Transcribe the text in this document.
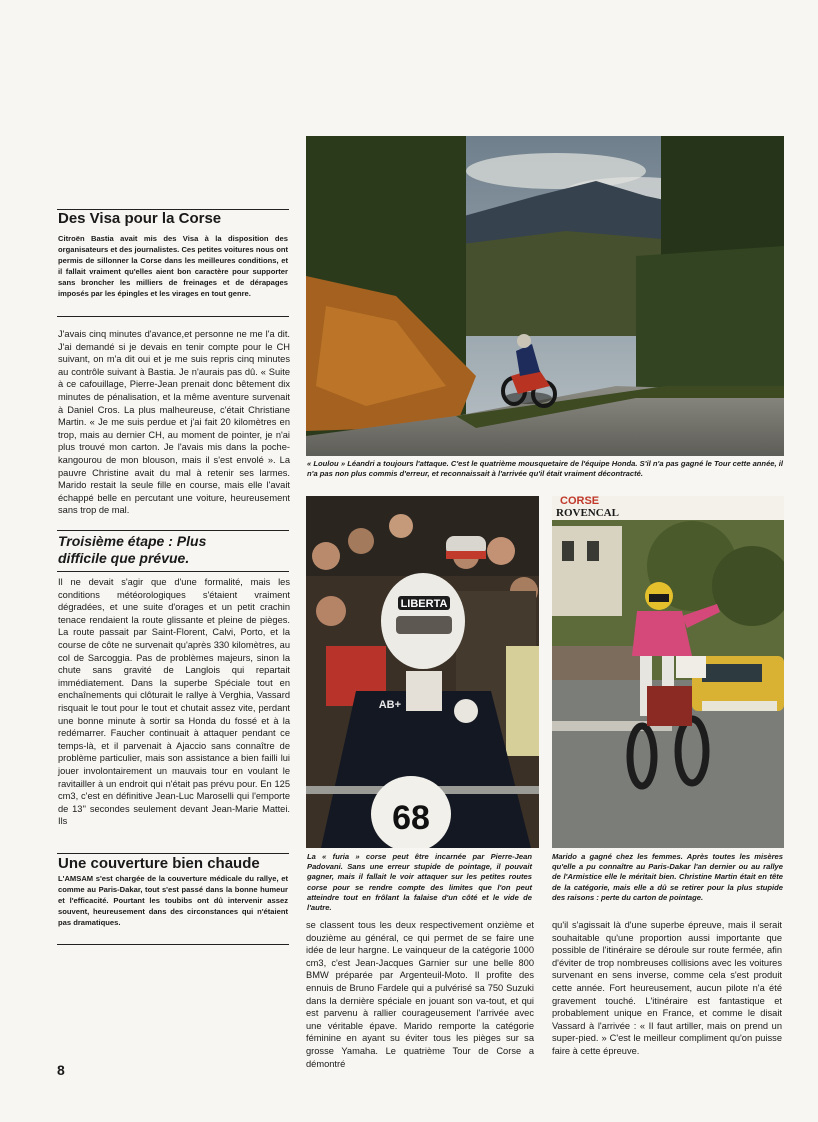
Des Visa pour la Corse

Citroën Bastia avait mis des Visa à la disposition des organisateurs et des journalistes. Ces petites voitures nous ont permis de sillonner la Corse dans les meilleures conditions, et il fallait vraiment qu'elles aient bon caractère pour supporter sans broncher les milliers de freinages et de dérapages imposés par les épingles et les virages en tout genre.

J'avais cinq minutes d'avance,et personne ne me l'a dit. J'ai demandé si je devais en tenir compte pour le CH suivant, on m'a dit oui et je me suis repris cinq minutes au contrôle suivant à Bastia. Je n'aurais pas dû. « Suite à ce cafouillage, Pierre-Jean prenait donc bêtement dix minutes de pénalisation, et la même aventure survenait à Daniel Cros. La plus malheureuse, c'était Christiane Martin. « Je me suis perdue et j'ai fait 20 kilomètres en trop, mais au dernier CH, au moment de pointer, je n'ai plus trouvé mon carton. Je l'avais mis dans la poche-kangourou de mon blouson, mais il s'est envolé ». La pauvre Christine avait du mal à retenir ses larmes. Marido restait la seule fille en course, mais elle l'avait échappé belle en percutant une voiture, heureusement sans trop de mal.

Troisième étape : Plus difficile que prévue.

Il ne devait s'agir que d'une formalité, mais les conditions météorologiques s'étaient vraiment dégradées, et une suite d'orages et un petit crachin tenace rendaient la route glissante et pleine de pièges. La route passait par Saint-Florent, Calvi, Porto, et la course de côte ne survenait qu'après 330 kilomètres, au col de Sarcoggia. Pas de problèmes majeurs, sinon la chute sans gravité de Langlois qui repartait immédiatement. Dans la superbe Spéciale tout en enchaînements qui clôturait le rallye à Verghia, Vassard risquait le tout pour le tout et chutait assez vite, perdant une bonne minute à sortir sa Honda du fossé et à la redémarrer. Faucher continuait à attaquer pendant ce temps-là, et il parvenait à Ajaccio sans connaître de problème particulier, mais son assistance a bien failli lui jouer involontairement un mauvais tour en voulant le ravitailler à un endroit qui n'était pas prévu pour. En 125 cm3, c'est en définitive Jean-Luc Maroselli qui l'emporte de 13'' secondes seulement devant Jean-Marie Mattei. Ils

Une couverture bien chaude

L'AMSAM s'est chargée de la couverture médicale du rallye, et comme au Paris-Dakar, tout s'est passé dans la bonne humeur et l'efficacité. Pourtant les toubibs ont dû intervenir assez souvent, heureusement dans des circonstances qui n'étaient pas dramatiques.

« Loulou » Léandri a toujours l'attaque. C'est le quatrième mousquetaire de l'équipe Honda. S'il n'a pas gagné le Tour cette année, il n'a pas non plus commis d'erreur, et reconnaissait à l'arrivée qu'il était vraiment décontracté.

LIBERTA
AB+
68
CORSE
ROVENCAL

La « furia » corse peut être incarnée par Pierre-Jean Padovani. Sans une erreur stupide de pointage, il pouvait gagner, mais il fallait le voir attaquer sur les petites routes corse pour se rendre compte des limites que l'on peut atteindre tout en frôlant la falaise d'un côté et le vide de l'autre.

Marido a gagné chez les femmes. Après toutes les misères qu'elle a pu connaître au Paris-Dakar l'an dernier ou au rallye de l'Armistice elle le méritait bien. Christine Martin était en tête de la catégorie, mais elle a dû se retirer pour la plus stupide des raisons : perte du carton de pointage.

se classent tous les deux respectivement onzième et douzième au général, ce qui permet de se faire une idée de leur hargne. Le vainqueur de la catégorie 1000 cm3, c'est Jean-Jacques Garnier sur une belle 800 BMW préparée par Argenteuil-Moto. Il profite des ennuis de Bruno Fardele qui a pulvérisé sa 750 Suzuki dans la dernière spéciale en jouant son va-tout, et qui est parvenu à rallier courageusement l'arrivée avec une véritable épave. Marido remporte la catégorie féminine en ayant su éviter tous les pièges sur sa grosse Yamaha. Le quatrième Tour de Corse a démontré

qu'il s'agissait là d'une superbe épreuve, mais il serait souhaitable qu'une proportion aussi importante que possible de l'itinéraire se déroule sur route fermée, afin d'éviter de trop nombreuses collisions avec les voitures survenant en sens inverse, comme cela s'est produit cette année. Fort heureusement, aucun pilote n'a été gravement touché. L'itinéraire est fantastique et probablement unique en France, et comme le disait Vassard à l'arrivée : « Il faut artiller, mais on prend un super-pied. » C'est le meilleur compliment qu'on puisse faire à cette épreuve.

8
